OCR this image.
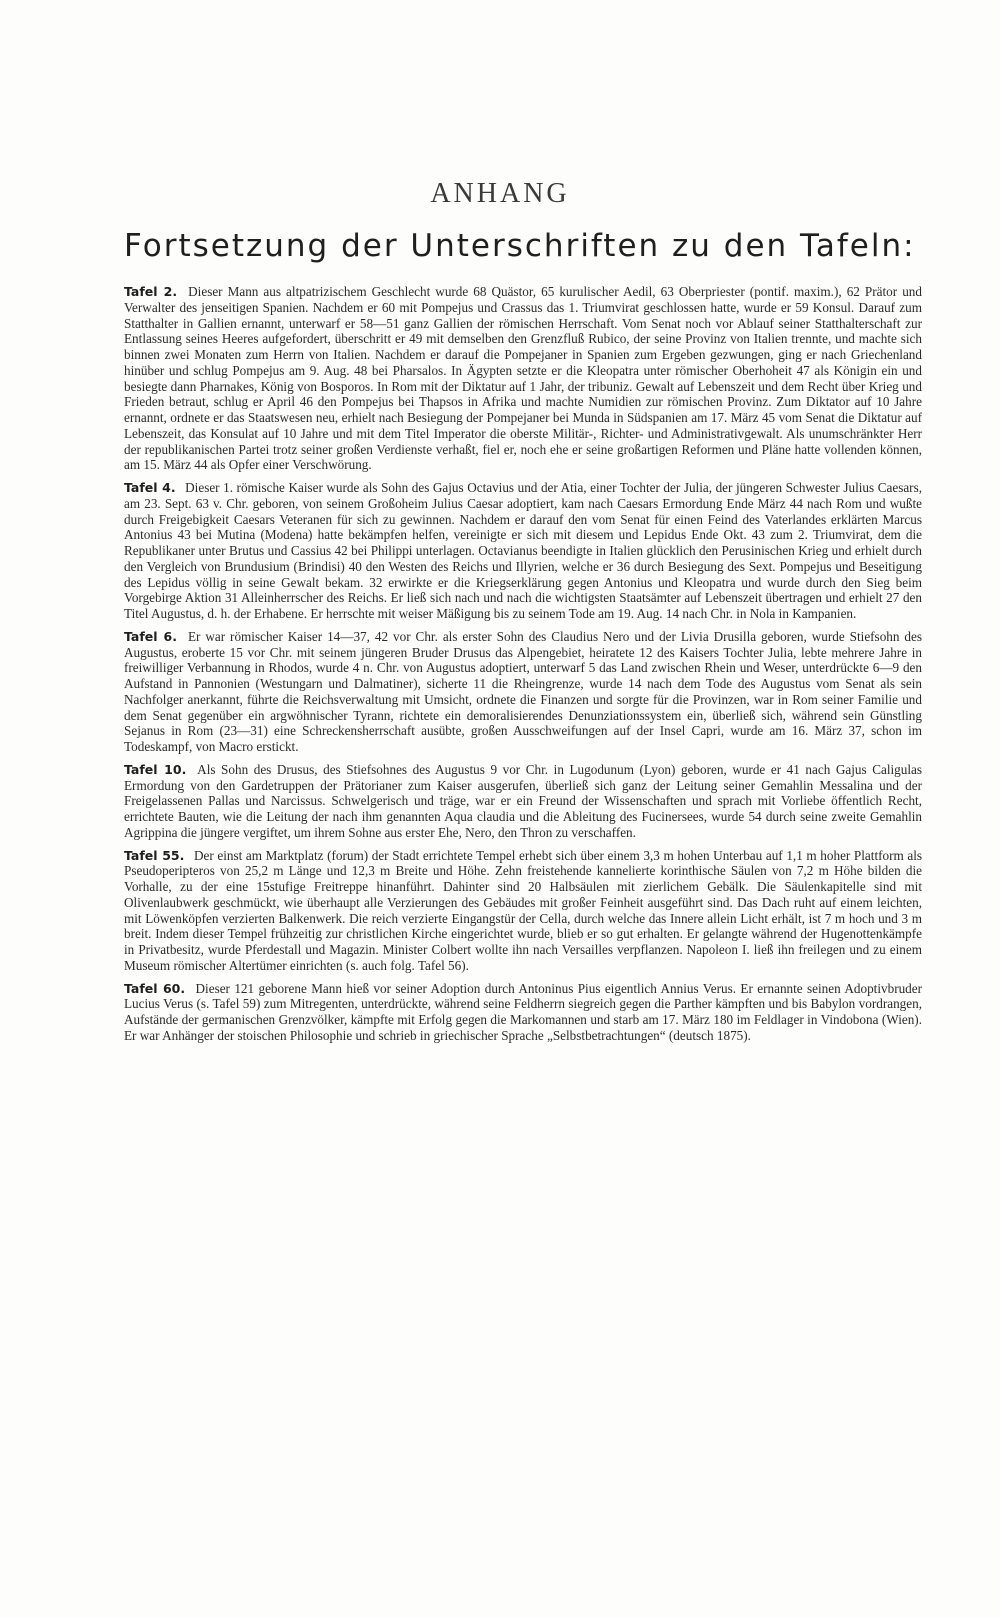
ANHANG
Fortsetzung der Unterschriften zu den Tafeln:

Tafel 2. Dieser Mann aus altpatrizischem Geschlecht wurde 68 Quästor, 65 kurulischer Aedil, 63 Oberpriester (pontif. maxim.), 62 Prätor und Verwalter des jenseitigen Spanien. Nachdem er 60 mit Pompejus und Crassus das 1. Triumvirat geschlossen hatte, wurde er 59 Konsul. Darauf zum Statthalter in Gallien ernannt, unterwarf er 58—51 ganz Gallien der römischen Herrschaft. Vom Senat noch vor Ablauf seiner Statthalterschaft zur Entlassung seines Heeres aufgefordert, überschritt er 49 mit demselben den Grenzfluß Rubico, der seine Provinz von Italien trennte, und machte sich binnen zwei Monaten zum Herrn von Italien. Nachdem er darauf die Pompejaner in Spanien zum Ergeben gezwungen, ging er nach Griechenland hinüber und schlug Pompejus am 9. Aug. 48 bei Pharsalos. In Ägypten setzte er die Kleopatra unter römischer Oberhoheit 47 als Königin ein und besiegte dann Pharnakes, König von Bosporos. In Rom mit der Diktatur auf 1 Jahr, der tribuniz. Gewalt auf Lebenszeit und dem Recht über Krieg und Frieden betraut, schlug er April 46 den Pompejus bei Thapsos in Afrika und machte Numidien zur römischen Provinz. Zum Diktator auf 10 Jahre ernannt, ordnete er das Staatswesen neu, erhielt nach Besiegung der Pompejaner bei Munda in Südspanien am 17. März 45 vom Senat die Diktatur auf Lebenszeit, das Konsulat auf 10 Jahre und mit dem Titel Imperator die oberste Militär-, Richter- und Administrativgewalt. Als unumschränkter Herr der republikanischen Partei trotz seiner großen Verdienste verhaßt, fiel er, noch ehe er seine großartigen Reformen und Pläne hatte vollenden können, am 15. März 44 als Opfer einer Verschwörung.

Tafel 4. Dieser 1. römische Kaiser wurde als Sohn des Gajus Octavius und der Atia, einer Tochter der Julia, der jüngeren Schwester Julius Caesars, am 23. Sept. 63 v. Chr. geboren, von seinem Großoheim Julius Caesar adoptiert, kam nach Caesars Ermordung Ende März 44 nach Rom und wußte durch Freigebigkeit Caesars Veteranen für sich zu gewinnen. Nachdem er darauf den vom Senat für einen Feind des Vaterlandes erklärten Marcus Antonius 43 bei Mutina (Modena) hatte bekämpfen helfen, vereinigte er sich mit diesem und Lepidus Ende Okt. 43 zum 2. Triumvirat, dem die Republikaner unter Brutus und Cassius 42 bei Philippi unterlagen. Octavianus beendigte in Italien glücklich den Perusinischen Krieg und erhielt durch den Vergleich von Brundusium (Brindisi) 40 den Westen des Reichs und Illyrien, welche er 36 durch Besiegung des Sext. Pompejus und Beseitigung des Lepidus völlig in seine Gewalt bekam. 32 erwirkte er die Kriegserklärung gegen Antonius und Kleopatra und wurde durch den Sieg beim Vorgebirge Aktion 31 Alleinherrscher des Reichs. Er ließ sich nach und nach die wichtigsten Staatsämter auf Lebenszeit übertragen und erhielt 27 den Titel Augustus, d. h. der Erhabene. Er herrschte mit weiser Mäßigung bis zu seinem Tode am 19. Aug. 14 nach Chr. in Nola in Kampanien.

Tafel 6. Er war römischer Kaiser 14—37, 42 vor Chr. als erster Sohn des Claudius Nero und der Livia Drusilla geboren, wurde Stiefsohn des Augustus, eroberte 15 vor Chr. mit seinem jüngeren Bruder Drusus das Alpengebiet, heiratete 12 des Kaisers Tochter Julia, lebte mehrere Jahre in freiwilliger Verbannung in Rhodos, wurde 4 n. Chr. von Augustus adoptiert, unterwarf 5 das Land zwischen Rhein und Weser, unterdrückte 6—9 den Aufstand in Pannonien (Westungarn und Dalmatiner), sicherte 11 die Rheingrenze, wurde 14 nach dem Tode des Augustus vom Senat als sein Nachfolger anerkannt, führte die Reichsverwaltung mit Umsicht, ordnete die Finanzen und sorgte für die Provinzen, war in Rom seiner Familie und dem Senat gegenüber ein argwöhnischer Tyrann, richtete ein demoralisierendes Denunziationssystem ein, überließ sich, während sein Günstling Sejanus in Rom (23—31) eine Schreckensherrschaft ausübte, großen Ausschweifungen auf der Insel Capri, wurde am 16. März 37, schon im Todeskampf, von Macro erstickt.

Tafel 10. Als Sohn des Drusus, des Stiefsohnes des Augustus 9 vor Chr. in Lugodunum (Lyon) geboren, wurde er 41 nach Gajus Caligulas Ermordung von den Gardetruppen der Prätorianer zum Kaiser ausgerufen, überließ sich ganz der Leitung seiner Gemahlin Messalina und der Freigelassenen Pallas und Narcissus. Schwelgerisch und träge, war er ein Freund der Wissenschaften und sprach mit Vorliebe öffentlich Recht, errichtete Bauten, wie die Leitung der nach ihm genannten Aqua claudia und die Ableitung des Fucinersees, wurde 54 durch seine zweite Gemahlin Agrippina die jüngere vergiftet, um ihrem Sohne aus erster Ehe, Nero, den Thron zu verschaffen.

Tafel 55. Der einst am Marktplatz (forum) der Stadt errichtete Tempel erhebt sich über einem 3,3 m hohen Unterbau auf 1,1 m hoher Plattform als Pseudoperipteros von 25,2 m Länge und 12,3 m Breite und Höhe. Zehn freistehende kannelierte korinthische Säulen von 7,2 m Höhe bilden die Vorhalle, zu der eine 15stufige Freitreppe hinanführt. Dahinter sind 20 Halbsäulen mit zierlichem Gebälk. Die Säulenkapitelle sind mit Olivenlaubwerk geschmückt, wie überhaupt alle Verzierungen des Gebäudes mit großer Feinheit ausgeführt sind. Das Dach ruht auf einem leichten, mit Löwenköpfen verzierten Balkenwerk. Die reich verzierte Eingangstür der Cella, durch welche das Innere allein Licht erhält, ist 7 m hoch und 3 m breit. Indem dieser Tempel frühzeitig zur christlichen Kirche eingerichtet wurde, blieb er so gut erhalten. Er gelangte während der Hugenottenkämpfe in Privatbesitz, wurde Pferdestall und Magazin. Minister Colbert wollte ihn nach Versailles verpflanzen. Napoleon I. ließ ihn freilegen und zu einem Museum römischer Altertümer einrichten (s. auch folg. Tafel 56).

Tafel 60. Dieser 121 geborene Mann hieß vor seiner Adoption durch Antoninus Pius eigentlich Annius Verus. Er ernannte seinen Adoptivbruder Lucius Verus (s. Tafel 59) zum Mitregenten, unterdrückte, während seine Feldherrn siegreich gegen die Parther kämpften und bis Babylon vordrangen, Aufstände der germanischen Grenzvölker, kämpfte mit Erfolg gegen die Markomannen und starb am 17. März 180 im Feldlager in Vindobona (Wien). Er war Anhänger der stoischen Philosophie und schrieb in griechischer Sprache „Selbstbetrachtungen“ (deutsch 1875).
